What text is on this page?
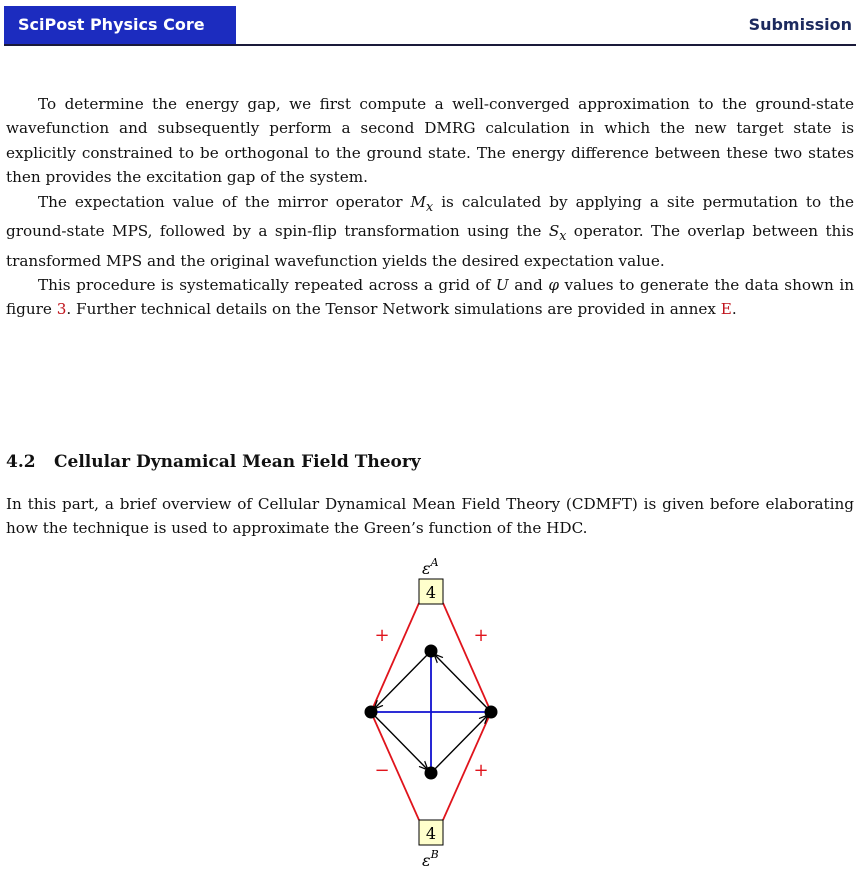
SciPost Physics Core	Submission

To determine the energy gap, we first compute a well-converged approximation to the ground-state wavefunction and subsequently perform a second DMRG calculation in which the new target state is explicitly constrained to be orthogonal to the ground state. The energy difference between these two states then provides the excitation gap of the system.

The expectation value of the mirror operator $M_x$ is calculated by applying a site permutation to the ground-state MPS, followed by a spin-flip transformation using the $S_x$ operator. The overlap between this transformed MPS and the original wavefunction yields the desired expectation value.

This procedure is systematically repeated across a grid of U and φ values to generate the data shown in figure 3. Further technical details on the Tensor Network simulations are provided in annex E.

4.2 Cellular Dynamical Mean Field Theory

In this part, a brief overview of Cellular Dynamical Mean Field Theory (CDMFT) is given before elaborating how the technique is used to approximate the Green’s function of the HDC.

4
4
$\varepsilon^A$
$\varepsilon^B$
+	+
−	+
